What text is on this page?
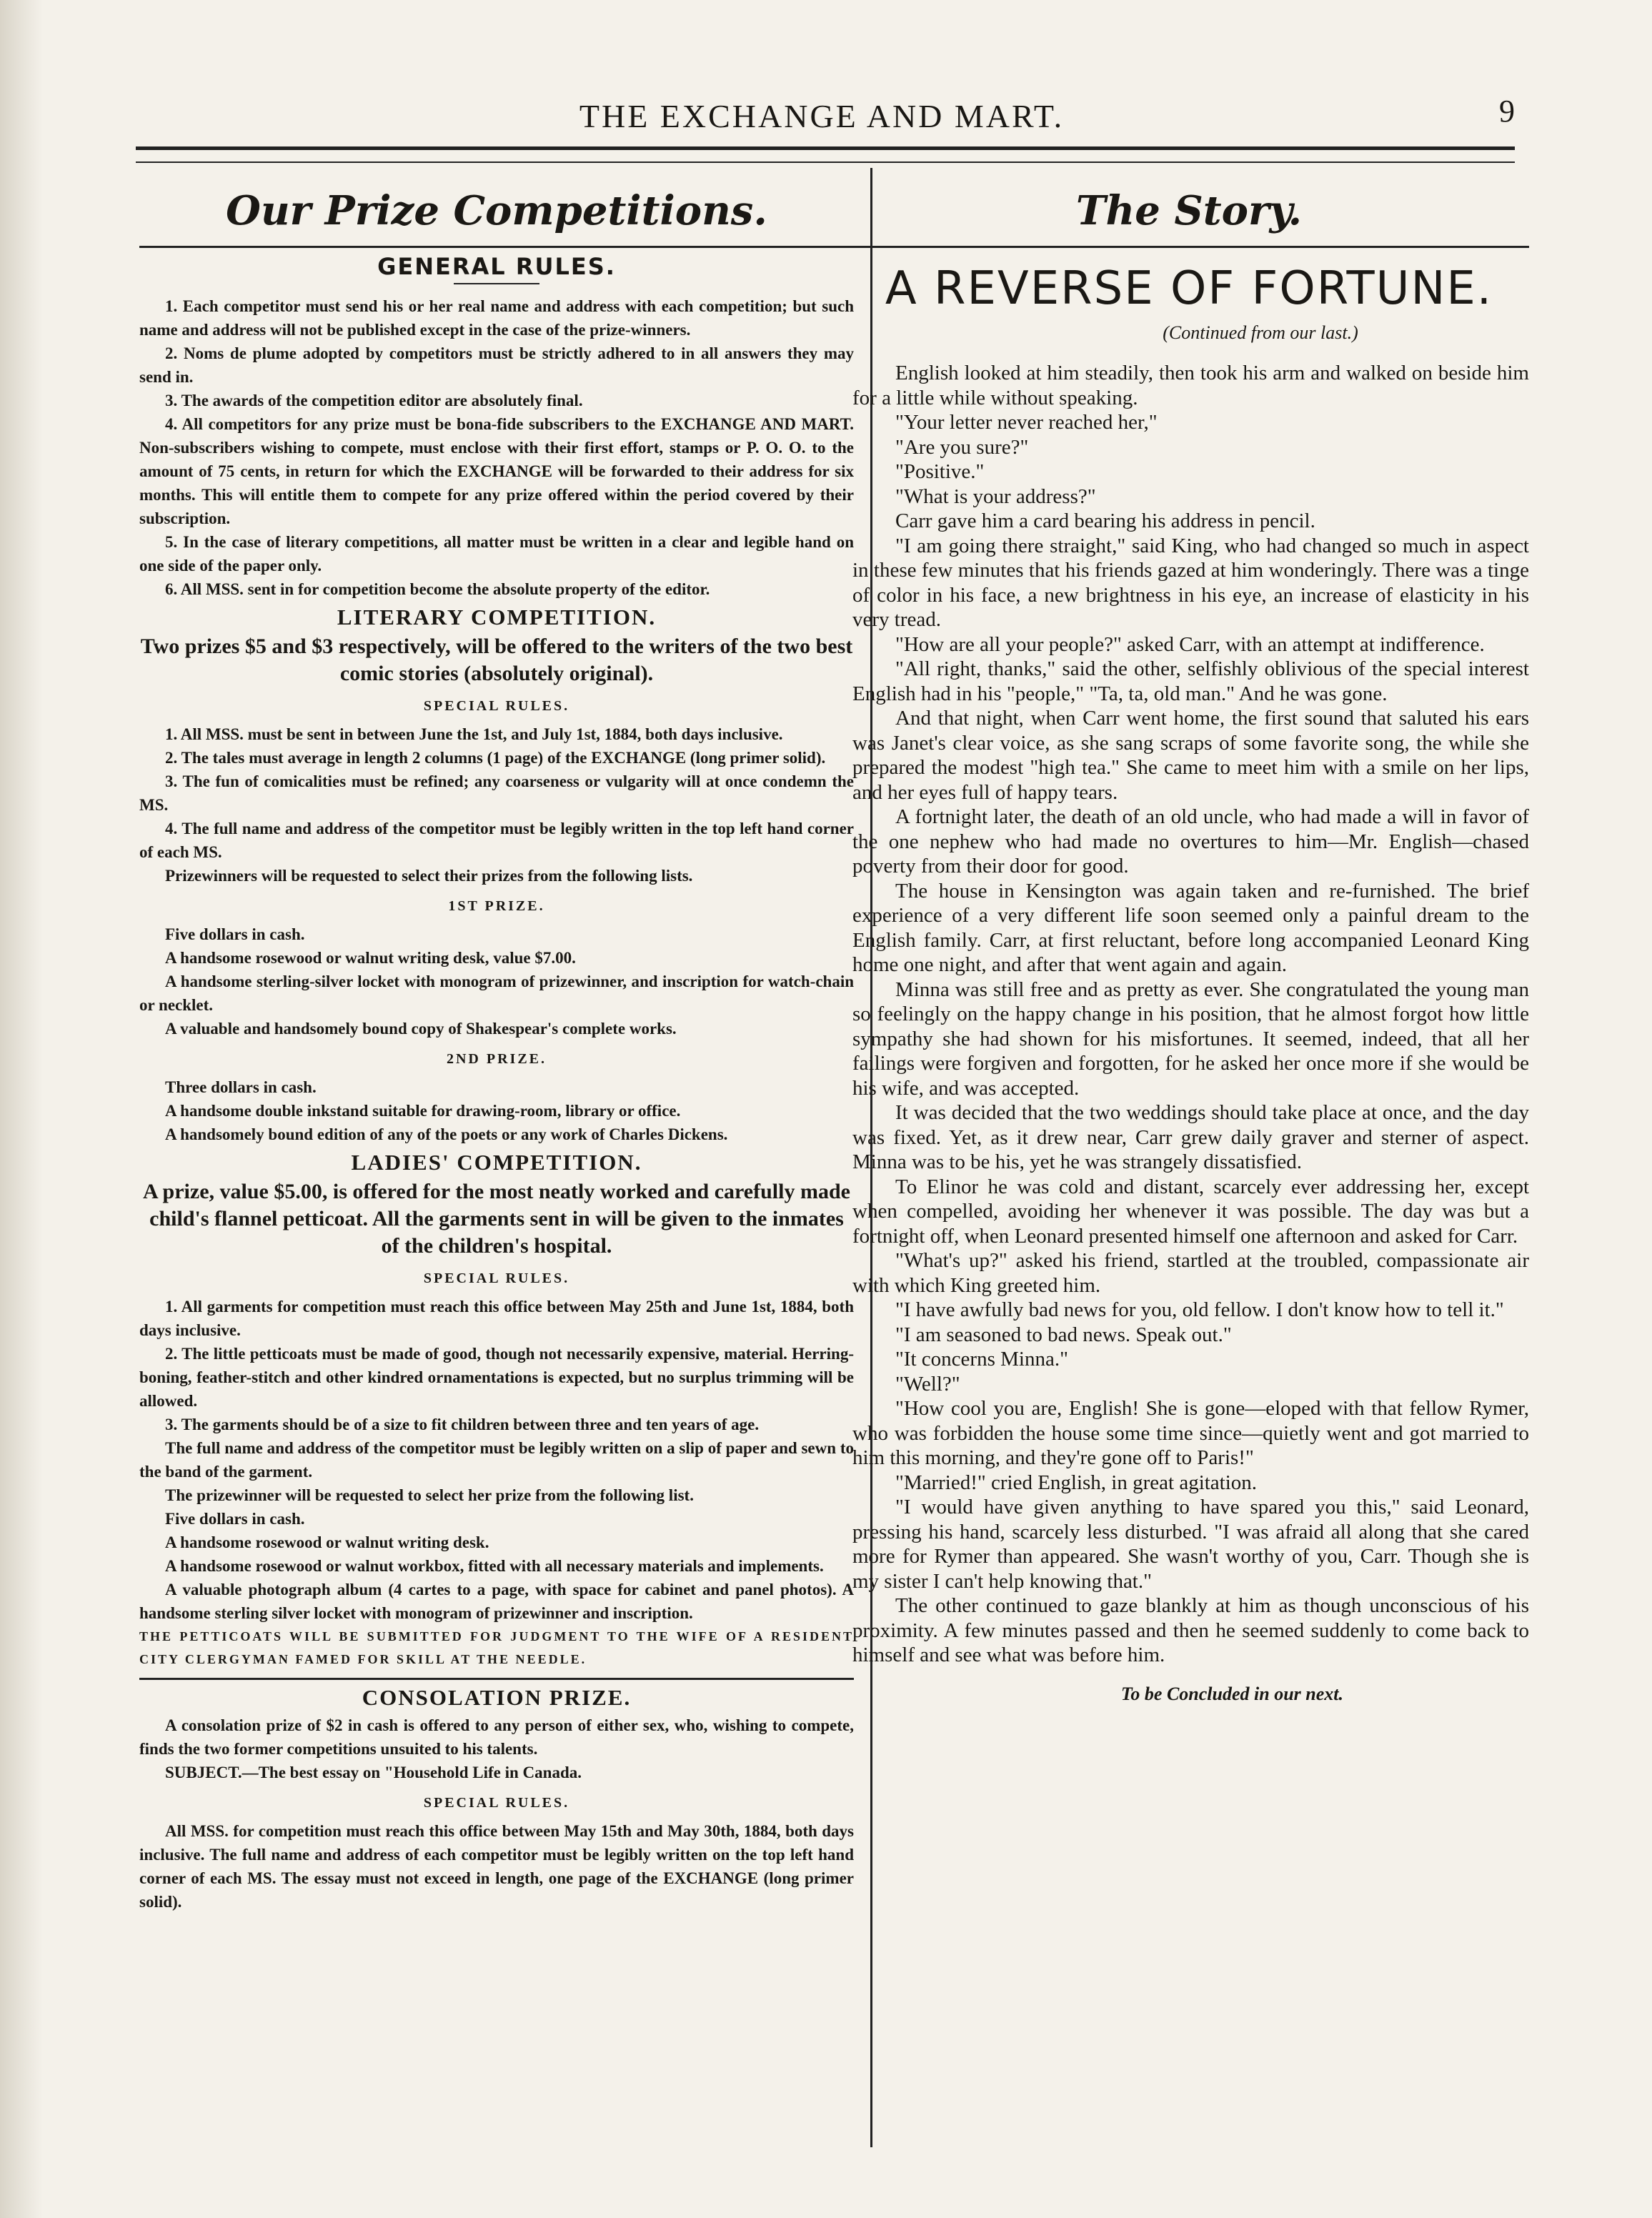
THE EXCHANGE AND MART.	9
Our Prize Competitions.
GENERAL RULES.

1. Each competitor must send his or her real name and address with each competition; but such name and address will not be published except in the case of the prize-winners.

2. Noms de plume adopted by competitors must be strictly adhered to in all answers they may send in.

3. The awards of the competition editor are absolutely final.

4. All competitors for any prize must be bona-fide subscribers to the EXCHANGE AND MART. Non-subscribers wishing to compete, must enclose with their first effort, stamps or P. O. O. to the amount of 75 cents, in return for which the EXCHANGE will be forwarded to their address for six months. This will entitle them to compete for any prize offered within the period covered by their subscription.

5. In the case of literary competitions, all matter must be written in a clear and legible hand on one side of the paper only.

6. All MSS. sent in for competition become the absolute property of the editor.

LITERARY COMPETITION.

Two prizes $5 and $3 respectively, will be offered to the writers of the two best comic stories (absolutely original).

SPECIAL RULES.

1. All MSS. must be sent in between June the 1st, and July 1st, 1884, both days inclusive.

2. The tales must average in length 2 columns (1 page) of the EXCHANGE (long primer solid).

3. The fun of comicalities must be refined; any coarseness or vulgarity will at once condemn the MS.

4. The full name and address of the competitor must be legibly written in the top left hand corner of each MS.

Prizewinners will be requested to select their prizes from the following lists.

1ST PRIZE.

Five dollars in cash.

A handsome rosewood or walnut writing desk, value $7.00.

A handsome sterling-silver locket with monogram of prizewinner, and inscription for watch-chain or necklet.

A valuable and handsomely bound copy of Shakespear's complete works.

2ND PRIZE.

Three dollars in cash.

A handsome double inkstand suitable for drawing-room, library or office.

A handsomely bound edition of any of the poets or any work of Charles Dickens.

LADIES' COMPETITION.

A prize, value $5.00, is offered for the most neatly worked and carefully made child's flannel petticoat. All the garments sent in will be given to the inmates of the children's hospital.

SPECIAL RULES.

1. All garments for competition must reach this office between May 25th and June 1st, 1884, both days inclusive.

2. The little petticoats must be made of good, though not necessarily expensive, material. Herring-boning, feather-stitch and other kindred ornamentations is expected, but no surplus trimming will be allowed.

3. The garments should be of a size to fit children between three and ten years of age.

The full name and address of the competitor must be legibly written on a slip of paper and sewn to the band of the garment.

The prizewinner will be requested to select her prize from the following list.

Five dollars in cash.

A handsome rosewood or walnut writing desk.

A handsome rosewood or walnut workbox, fitted with all necessary materials and implements.

A valuable photograph album (4 cartes to a page, with space for cabinet and panel photos). A handsome sterling silver locket with monogram of prizewinner and inscription.

THE PETTICOATS WILL BE SUBMITTED FOR JUDGMENT TO THE WIFE OF A RESIDENT CITY CLERGYMAN FAMED FOR SKILL AT THE NEEDLE.

CONSOLATION PRIZE.

A consolation prize of $2 in cash is offered to any person of either sex, who, wishing to compete, finds the two former competitions unsuited to his talents.

SUBJECT.—The best essay on "Household Life in Canada.

SPECIAL RULES.

All MSS. for competition must reach this office between May 15th and May 30th, 1884, both days inclusive. The full name and address of each competitor must be legibly written on the top left hand corner of each MS. The essay must not exceed in length, one page of the EXCHANGE (long primer solid).

The Story.
A REVERSE OF FORTUNE.
(Continued from our last.)

English looked at him steadily, then took his arm and walked on beside him for a little while without speaking.

"Your letter never reached her,"

"Are you sure?"

"Positive."

"What is your address?"

Carr gave him a card bearing his address in pencil.

"I am going there straight," said King, who had changed so much in aspect in these few minutes that his friends gazed at him wonderingly. There was a tinge of color in his face, a new brightness in his eye, an increase of elasticity in his very tread.

"How are all your people?" asked Carr, with an attempt at indifference.

"All right, thanks," said the other, selfishly oblivious of the special interest English had in his "people," "Ta, ta, old man." And he was gone.

And that night, when Carr went home, the first sound that saluted his ears was Janet's clear voice, as she sang scraps of some favorite song, the while she prepared the modest "high tea." She came to meet him with a smile on her lips, and her eyes full of happy tears.

A fortnight later, the death of an old uncle, who had made a will in favor of the one nephew who had made no overtures to him—Mr. English—chased poverty from their door for good.

The house in Kensington was again taken and re-furnished. The brief experience of a very different life soon seemed only a painful dream to the English family. Carr, at first reluctant, before long accompanied Leonard King home one night, and after that went again and again.

Minna was still free and as pretty as ever. She congratulated the young man so feelingly on the happy change in his position, that he almost forgot how little sympathy she had shown for his misfortunes. It seemed, indeed, that all her failings were forgiven and forgotten, for he asked her once more if she would be his wife, and was accepted.

It was decided that the two weddings should take place at once, and the day was fixed. Yet, as it drew near, Carr grew daily graver and sterner of aspect. Minna was to be his, yet he was strangely dissatisfied.

To Elinor he was cold and distant, scarcely ever addressing her, except when compelled, avoiding her whenever it was possible. The day was but a fortnight off, when Leonard presented himself one afternoon and asked for Carr.

"What's up?" asked his friend, startled at the troubled, compassionate air with which King greeted him.

"I have awfully bad news for you, old fellow. I don't know how to tell it."

"I am seasoned to bad news. Speak out."

"It concerns Minna."

"Well?"

"How cool you are, English! She is gone—eloped with that fellow Rymer, who was forbidden the house some time since—quietly went and got married to him this morning, and they're gone off to Paris!"

"Married!" cried English, in great agitation.

"I would have given anything to have spared you this," said Leonard, pressing his hand, scarcely less disturbed. "I was afraid all along that she cared more for Rymer than appeared. She wasn't worthy of you, Carr. Though she is my sister I can't help knowing that."

The other continued to gaze blankly at him as though unconscious of his proximity. A few minutes passed and then he seemed suddenly to come back to himself and see what was before him.

To be Concluded in our next.
